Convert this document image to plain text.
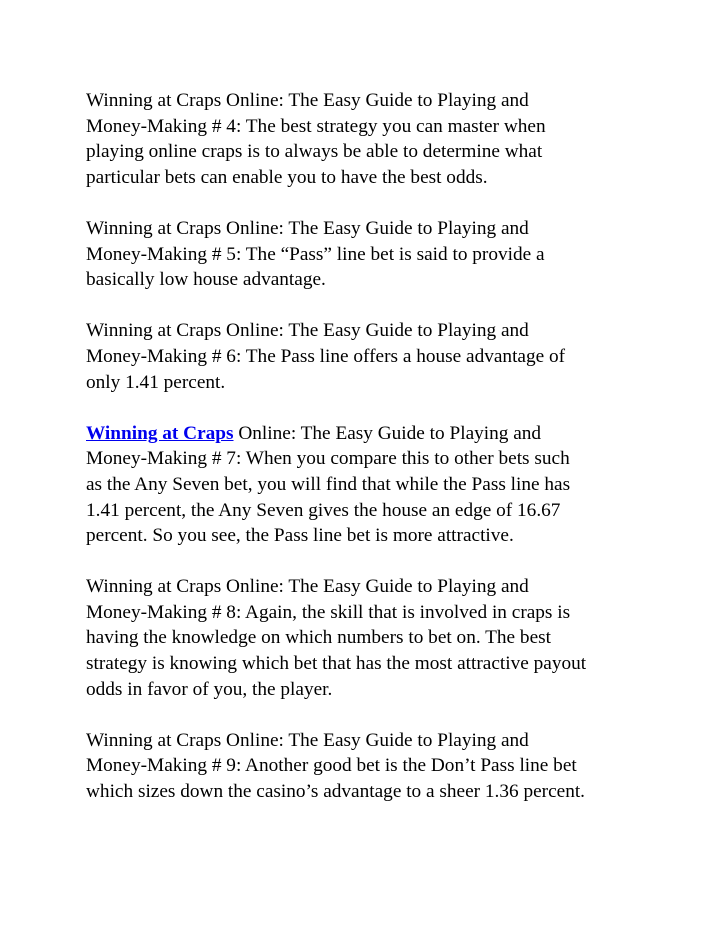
Winning at Craps Online: The Easy Guide to Playing and
Money-Making # 4: The best strategy you can master when
playing online craps is to always be able to determine what
particular bets can enable you to have the best odds.

Winning at Craps Online: The Easy Guide to Playing and
Money-Making # 5: The “Pass” line bet is said to provide a
basically low house advantage.

Winning at Craps Online: The Easy Guide to Playing and
Money-Making # 6: The Pass line offers a house advantage of
only 1.41 percent.

Winning at Craps Online: The Easy Guide to Playing and
Money-Making # 7: When you compare this to other bets such
as the Any Seven bet, you will find that while the Pass line has
1.41 percent, the Any Seven gives the house an edge of 16.67
percent. So you see, the Pass line bet is more attractive.

Winning at Craps Online: The Easy Guide to Playing and
Money-Making # 8: Again, the skill that is involved in craps is
having the knowledge on which numbers to bet on. The best
strategy is knowing which bet that has the most attractive payout
odds in favor of you, the player.

Winning at Craps Online: The Easy Guide to Playing and
Money-Making # 9: Another good bet is the Don’t Pass line bet
which sizes down the casino’s advantage to a sheer 1.36 percent.
